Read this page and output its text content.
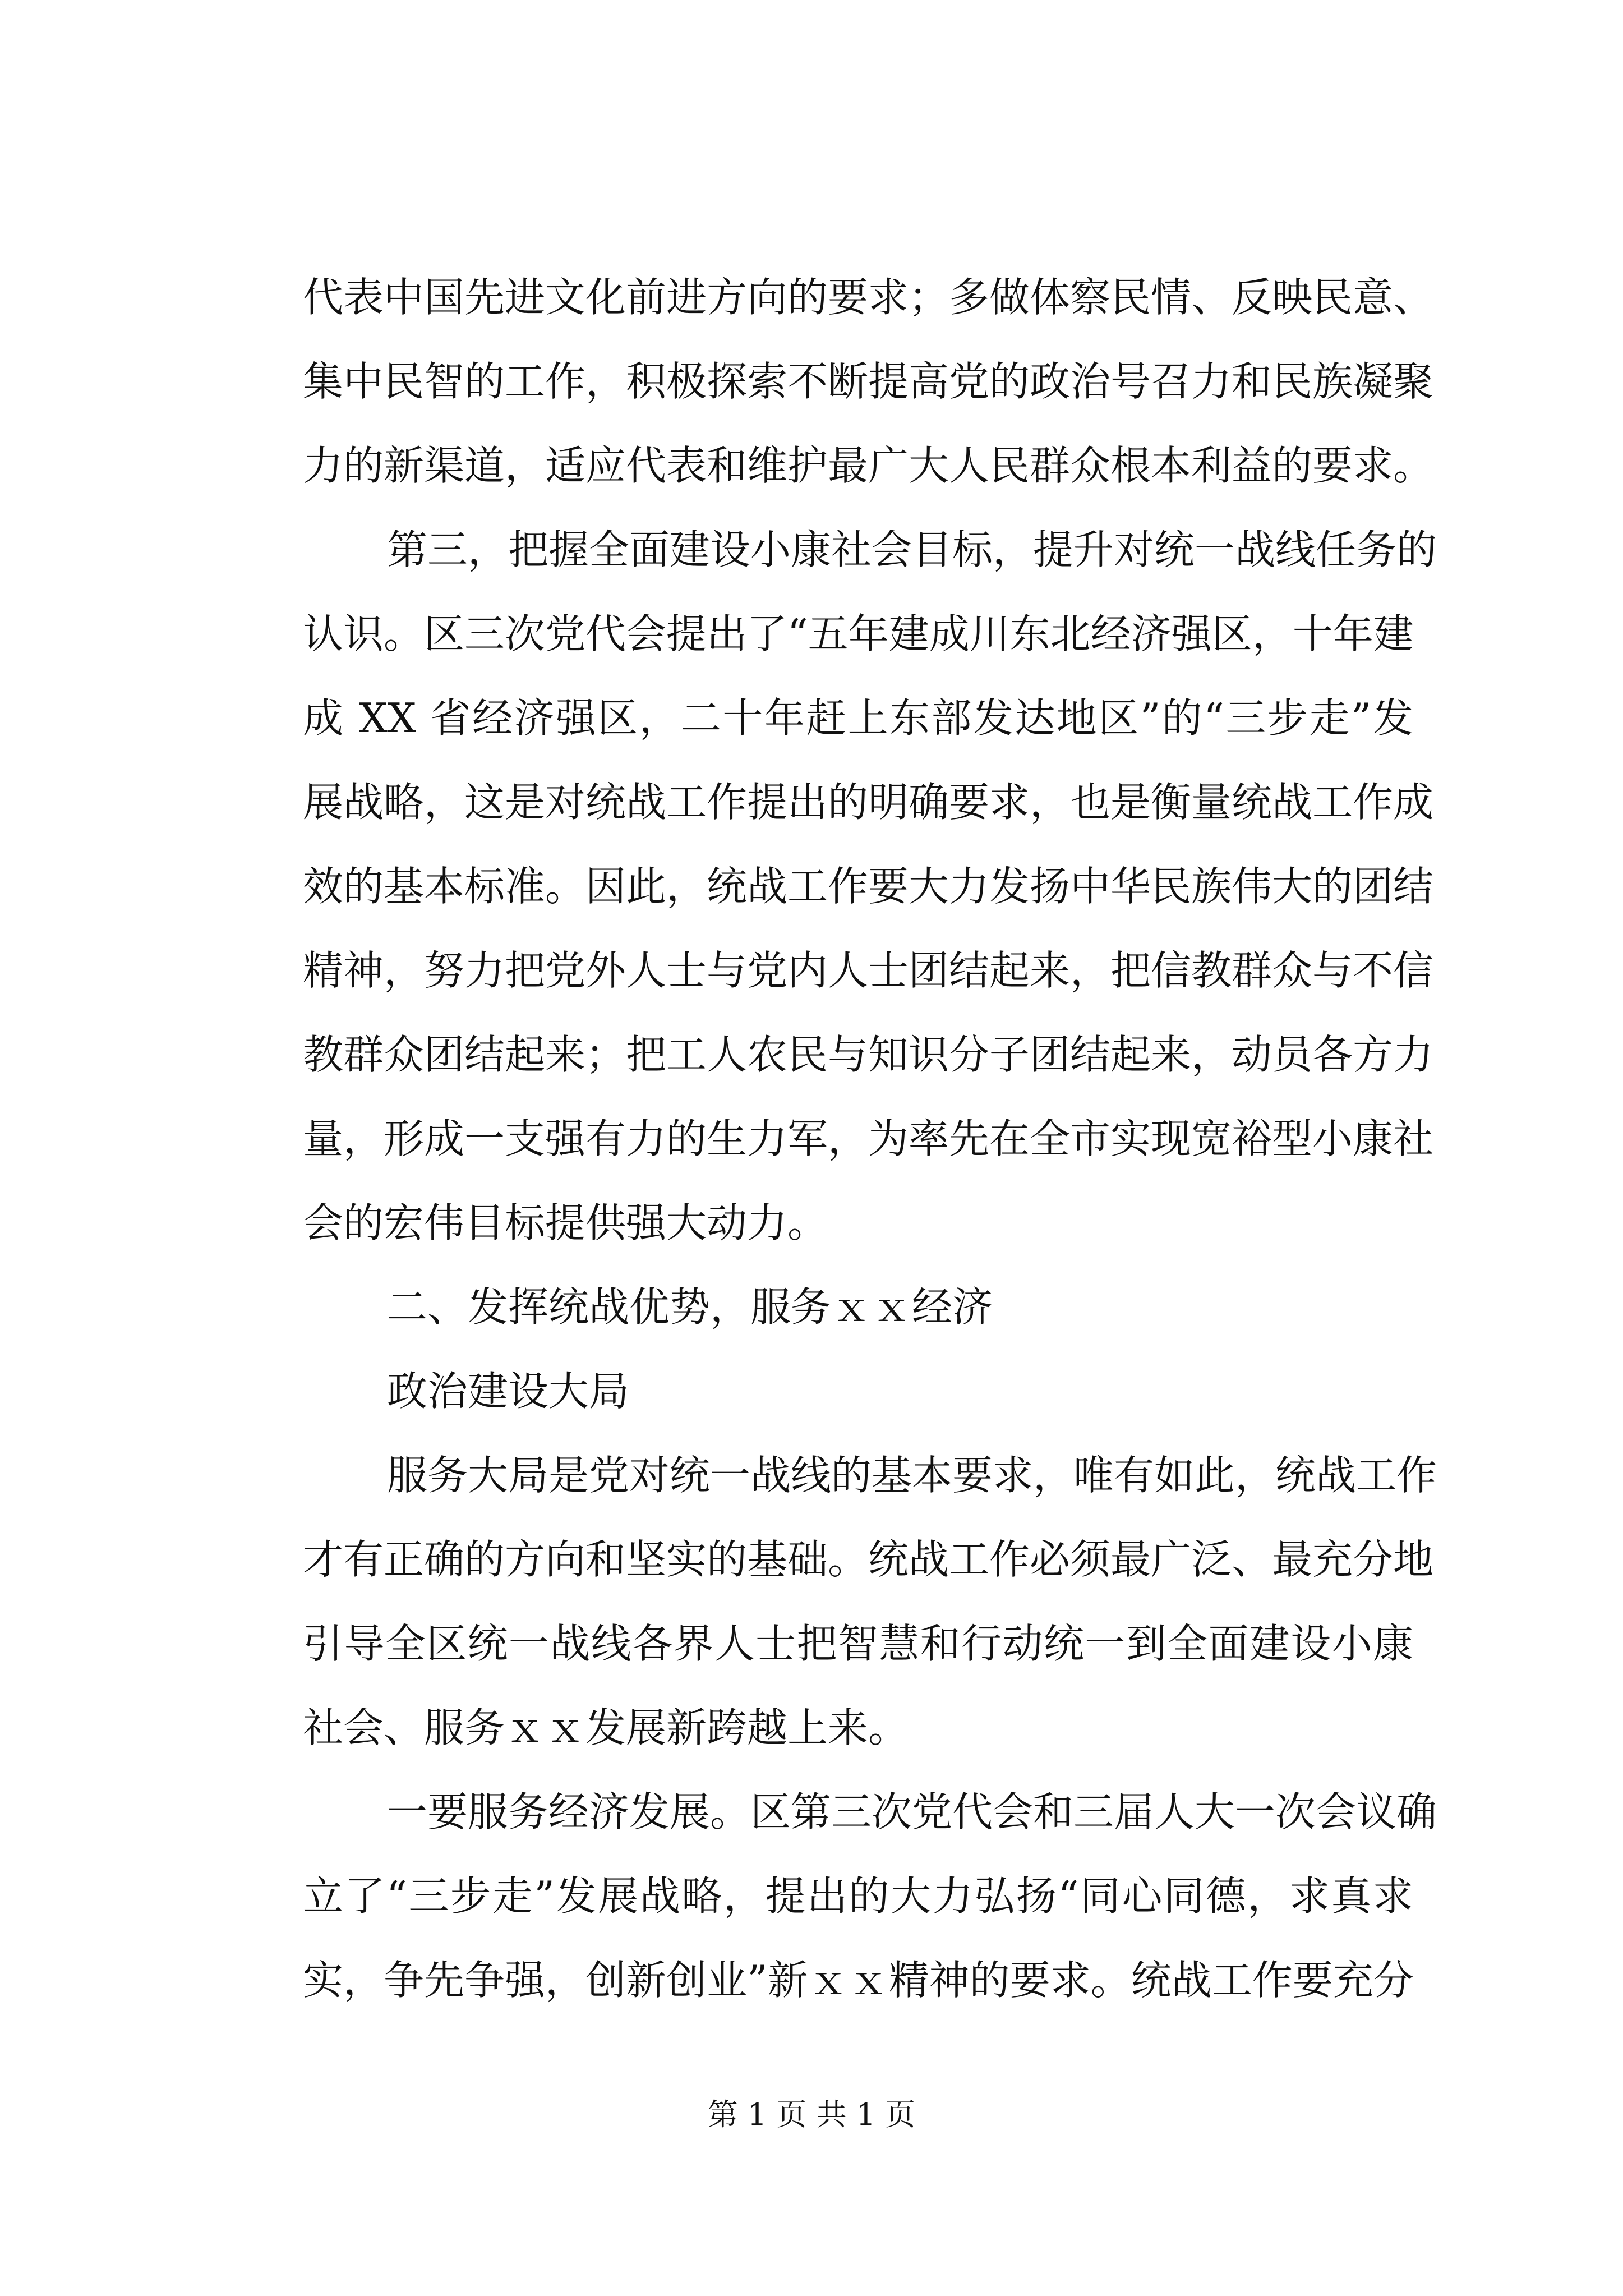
代表中国先进文化前进方向的要求；多做体察民情、反映民意、
集中民智的工作，积极探索不断提高党的政治号召力和民族凝聚
力的新渠道，适应代表和维护最广大人民群众根本利益的要求。
第三，把握全面建设小康社会目标，提升对统一战线任务的
认识。区三次党代会提出了“五年建成川东北经济强区，十年建
成 XX 省经济强区，二十年赶上东部发达地区”的“三步走”发
展战略，这是对统战工作提出的明确要求，也是衡量统战工作成
效的基本标准。因此，统战工作要大力发扬中华民族伟大的团结
精神，努力把党外人士与党内人士团结起来，把信教群众与不信
教群众团结起来；把工人农民与知识分子团结起来，动员各方力
量，形成一支强有力的生力军，为率先在全市实现宽裕型小康社
会的宏伟目标提供强大动力。
二、发挥统战优势，服务ｘｘ经济
政治建设大局
服务大局是党对统一战线的基本要求，唯有如此，统战工作
才有正确的方向和坚实的基础。统战工作必须最广泛、最充分地
引导全区统一战线各界人士把智慧和行动统一到全面建设小康
社会、服务ｘｘ发展新跨越上来。
一要服务经济发展。区第三次党代会和三届人大一次会议确
立了“三步走”发展战略，提出的大力弘扬“同心同德，求真求
实，争先争强，创新创业”新ｘｘ精神的要求。统战工作要充分
第 1 页 共 1 页
